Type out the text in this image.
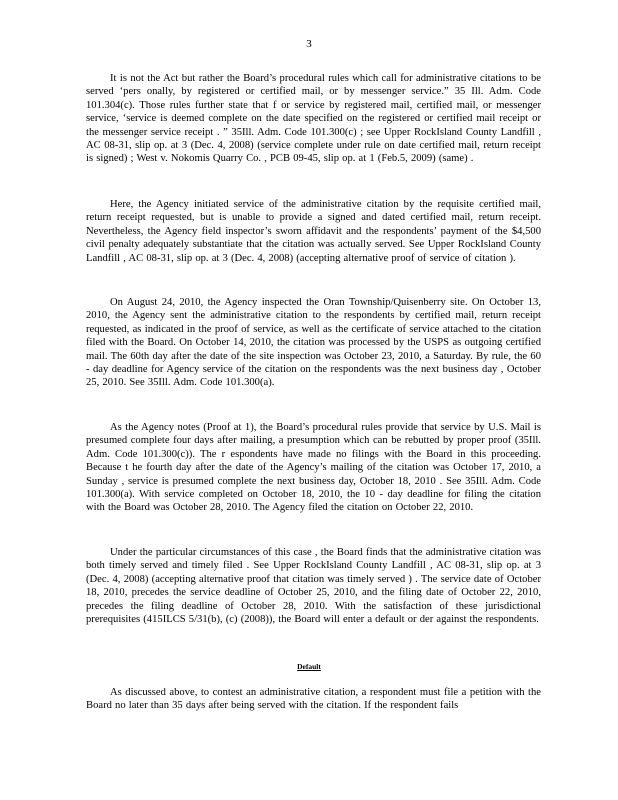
3

It is not the Act but rather the Board’s procedural rules which call for administrative citations to be served ‘pers onally, by registered or certified mail, or by messenger service.” 35 Ill. Adm. Code 101.304(c). Those rules further state that f or service by registered mail, certified mail, or messenger service, ‘service is deemed complete on the date specified on the registered or certified mail receipt or the messenger service receipt . ” 35Ill. Adm. Code 101.300(c) ; see Upper RockIsland County Landfill , AC 08-31, slip op. at 3 (Dec. 4, 2008) (service complete under rule on date certified mail, return receipt is signed) ; West v. Nokomis Quarry Co. , PCB 09-45, slip op. at 1 (Feb.5, 2009) (same) .

Here, the Agency initiated service of the administrative citation by the requisite certified mail, return receipt requested, but is unable to provide a signed and dated certified mail, return receipt. Nevertheless, the Agency field inspector’s sworn affidavit and the respondents’ payment of the $4,500 civil penalty adequately substantiate that the citation was actually served. See Upper RockIsland County Landfill , AC 08-31, slip op. at 3 (Dec. 4, 2008) (accepting alternative proof of service of citation ).

On August 24, 2010, the Agency inspected the Oran Township/Quisenberry site. On October 13, 2010, the Agency sent the administrative citation to the respondents by certified mail, return receipt requested, as indicated in the proof of service, as well as the certificate of service attached to the citation filed with the Board. On October 14, 2010, the citation was processed by the USPS as outgoing certified mail. The 60th day after the date of the site inspection was October 23, 2010, a Saturday. By rule, the 60 - day deadline for Agency service of the citation on the respondents was the next business day , October 25, 2010. See 35Ill. Adm. Code 101.300(a).

As the Agency notes (Proof at 1), the Board’s procedural rules provide that service by U.S. Mail is presumed complete four days after mailing, a presumption which can be rebutted by proper proof (35Ill. Adm. Code 101.300(c)). The r espondents have made no filings with the Board in this proceeding. Because t he fourth day after the date of the Agency’s mailing of the citation was October 17, 2010, a Sunday , service is presumed complete the next business day, October 18, 2010 . See 35Ill. Adm. Code 101.300(a). With service completed on October 18, 2010, the 10 - day deadline for filing the citation with the Board was October 28, 2010. The Agency filed the citation on October 22, 2010.

Under the particular circumstances of this case , the Board finds that the administrative citation was both timely served and timely filed . See Upper RockIsland County Landfill , AC 08-31, slip op. at 3 (Dec. 4, 2008) (accepting alternative proof that citation was timely served ) . The service date of October 18, 2010, precedes the service deadline of October 25, 2010, and the filing date of October 22, 2010, precedes the filing deadline of October 28, 2010. With the satisfaction of these jurisdictional prerequisites (415ILCS 5/31(b), (c) (2008)), the Board will enter a default or der against the respondents.

Default

As discussed above, to contest an administrative citation, a respondent must file a petition with the Board no later than 35 days after being served with the citation. If the respondent fails
